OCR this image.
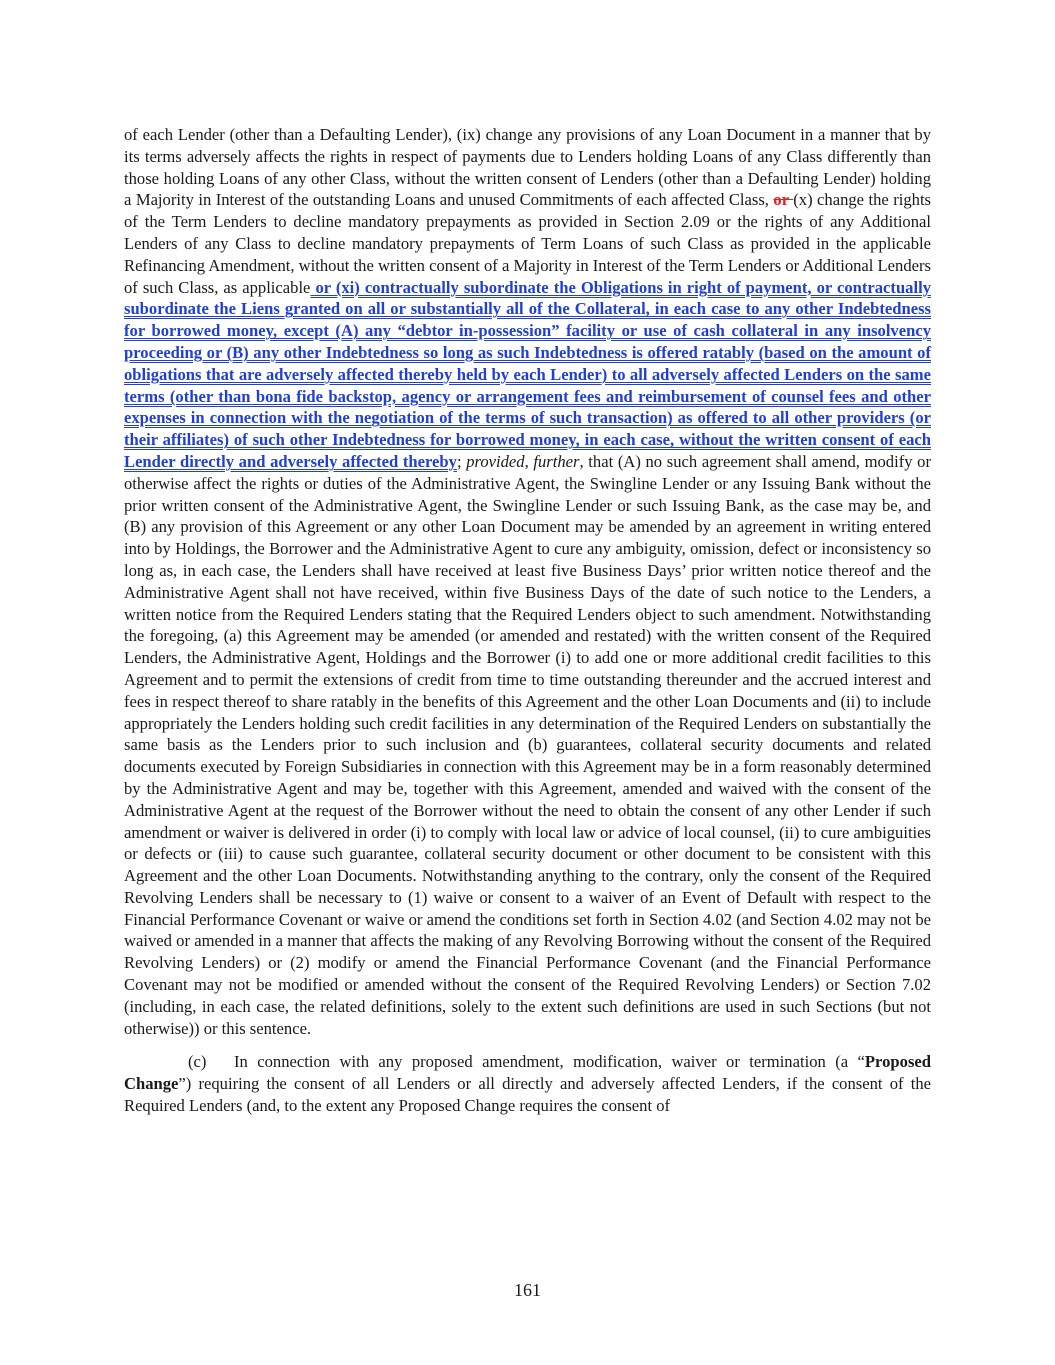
of each Lender (other than a Defaulting Lender), (ix) change any provisions of any Loan Document in a manner that by its terms adversely affects the rights in respect of payments due to Lenders holding Loans of any Class differently than those holding Loans of any other Class, without the written consent of Lenders (other than a Defaulting Lender) holding a Majority in Interest of the outstanding Loans and unused Commitments of each affected Class, or (x) change the rights of the Term Lenders to decline mandatory prepayments as provided in Section 2.09 or the rights of any Additional Lenders of any Class to decline mandatory prepayments of Term Loans of such Class as provided in the applicable Refinancing Amendment, without the written consent of a Majority in Interest of the Term Lenders or Additional Lenders of such Class, as applicable or (xi) contractually subordinate the Obligations in right of payment, or contractually subordinate the Liens granted on all or substantially all of the Collateral, in each case to any other Indebtedness for borrowed money, except (A) any “debtor in-possession” facility or use of cash collateral in any insolvency proceeding or (B) any other Indebtedness so long as such Indebtedness is offered ratably (based on the amount of obligations that are adversely affected thereby held by each Lender) to all adversely affected Lenders on the same terms (other than bona fide backstop, agency or arrangement fees and reimbursement of counsel fees and other expenses in connection with the negotiation of the terms of such transaction) as offered to all other providers (or their affiliates) of such other Indebtedness for borrowed money, in each case, without the written consent of each Lender directly and adversely affected thereby; provided, further, that (A) no such agreement shall amend, modify or otherwise affect the rights or duties of the Administrative Agent, the Swingline Lender or any Issuing Bank without the prior written consent of the Administrative Agent, the Swingline Lender or such Issuing Bank, as the case may be, and (B) any provision of this Agreement or any other Loan Document may be amended by an agreement in writing entered into by Holdings, the Borrower and the Administrative Agent to cure any ambiguity, omission, defect or inconsistency so long as, in each case, the Lenders shall have received at least five Business Days’ prior written notice thereof and the Administrative Agent shall not have received, within five Business Days of the date of such notice to the Lenders, a written notice from the Required Lenders stating that the Required Lenders object to such amendment. Notwithstanding the foregoing, (a) this Agreement may be amended (or amended and restated) with the written consent of the Required Lenders, the Administrative Agent, Holdings and the Borrower (i) to add one or more additional credit facilities to this Agreement and to permit the extensions of credit from time to time outstanding thereunder and the accrued interest and fees in respect thereof to share ratably in the benefits of this Agreement and the other Loan Documents and (ii) to include appropriately the Lenders holding such credit facilities in any determination of the Required Lenders on substantially the same basis as the Lenders prior to such inclusion and (b) guarantees, collateral security documents and related documents executed by Foreign Subsidiaries in connection with this Agreement may be in a form reasonably determined by the Administrative Agent and may be, together with this Agreement, amended and waived with the consent of the Administrative Agent at the request of the Borrower without the need to obtain the consent of any other Lender if such amendment or waiver is delivered in order (i) to comply with local law or advice of local counsel, (ii) to cure ambiguities or defects or (iii) to cause such guarantee, collateral security document or other document to be consistent with this Agreement and the other Loan Documents. Notwithstanding anything to the contrary, only the consent of the Required Revolving Lenders shall be necessary to (1) waive or consent to a waiver of an Event of Default with respect to the Financial Performance Covenant or waive or amend the conditions set forth in Section 4.02 (and Section 4.02 may not be waived or amended in a manner that affects the making of any Revolving Borrowing without the consent of the Required Revolving Lenders) or (2) modify or amend the Financial Performance Covenant (and the Financial Performance Covenant may not be modified or amended without the consent of the Required Revolving Lenders) or Section 7.02 (including, in each case, the related definitions, solely to the extent such definitions are used in such Sections (but not otherwise)) or this sentence.

(c) In connection with any proposed amendment, modification, waiver or termination (a “Proposed Change”) requiring the consent of all Lenders or all directly and adversely affected Lenders, if the consent of the Required Lenders (and, to the extent any Proposed Change requires the consent of

161
